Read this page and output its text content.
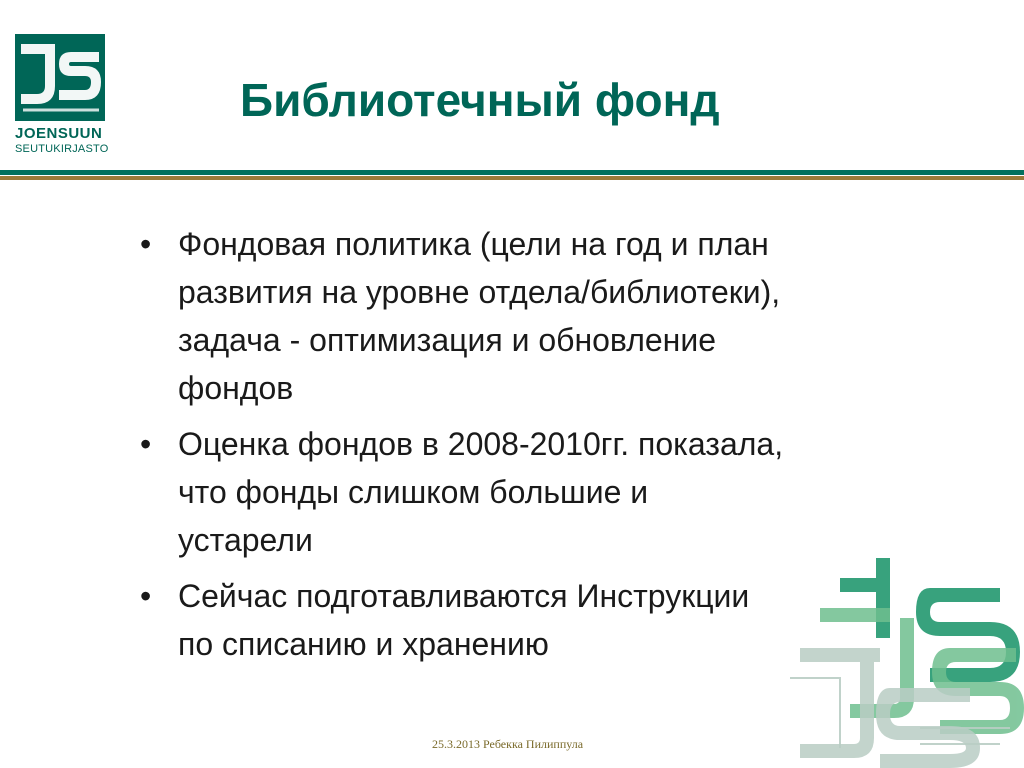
JOENSUUN
SEUTUKIRJASTO
Библиотечный фонд
• Фондовая политика (цели на год и план
развития на уровне отдела/библиотеки),
задача - оптимизация и обновление
фондов
• Оценка фондов в 2008-2010гг. показала,
что фонды слишком большие и
устарели
• Сейчас подготавливаются Инструкции
по списанию и хранению
25.3.2013 Ребекка Пилиппула
